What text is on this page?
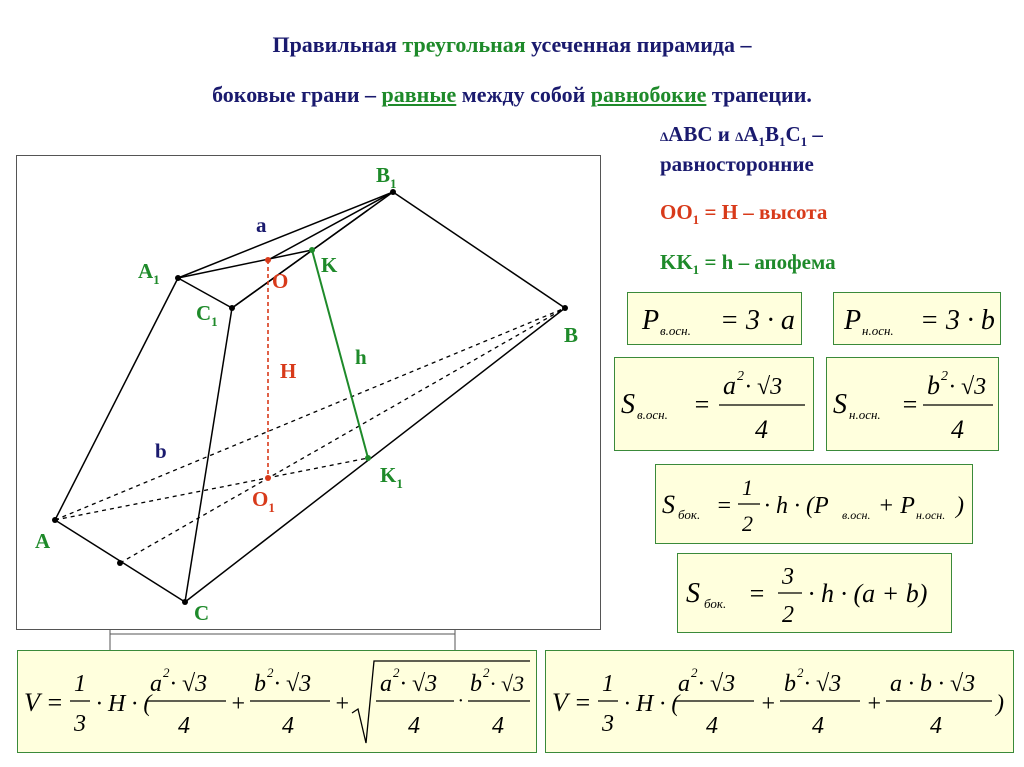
Правильная треугольная усеченная пирамида –
боковые грани – равные между собой равнобокие трапеции.
ΔABC и $\Delta A_1B_1C_1$ –
равносторонние
$OO_1 = H$ – высота
$KK_1 = h$ – апофема
A
C
B
$A_1$
$C_1$
$B_1$
K
$K_1$
O
$O_1$
H
h
a
b
P в.осн. = 3 · a P н.осн. = 3 · b
S в.осн. =
a 2 · √3
4
S н.осн. =
b 2 · √3
4
S бок. =
1
2
· h · (P в.осн. + P н.осн. )
S бок. =
3
2
· h · (a + b)
V =
1
3
· H · (
a 2 · √3
4
+
b 2 · √3
4
+
a 2 · √3
4
·
b 2 · √3
4
V =
1
3
· H · (
a 2 · √3
4
+
b 2 · √3
4
+
a · b · √3
4
)
